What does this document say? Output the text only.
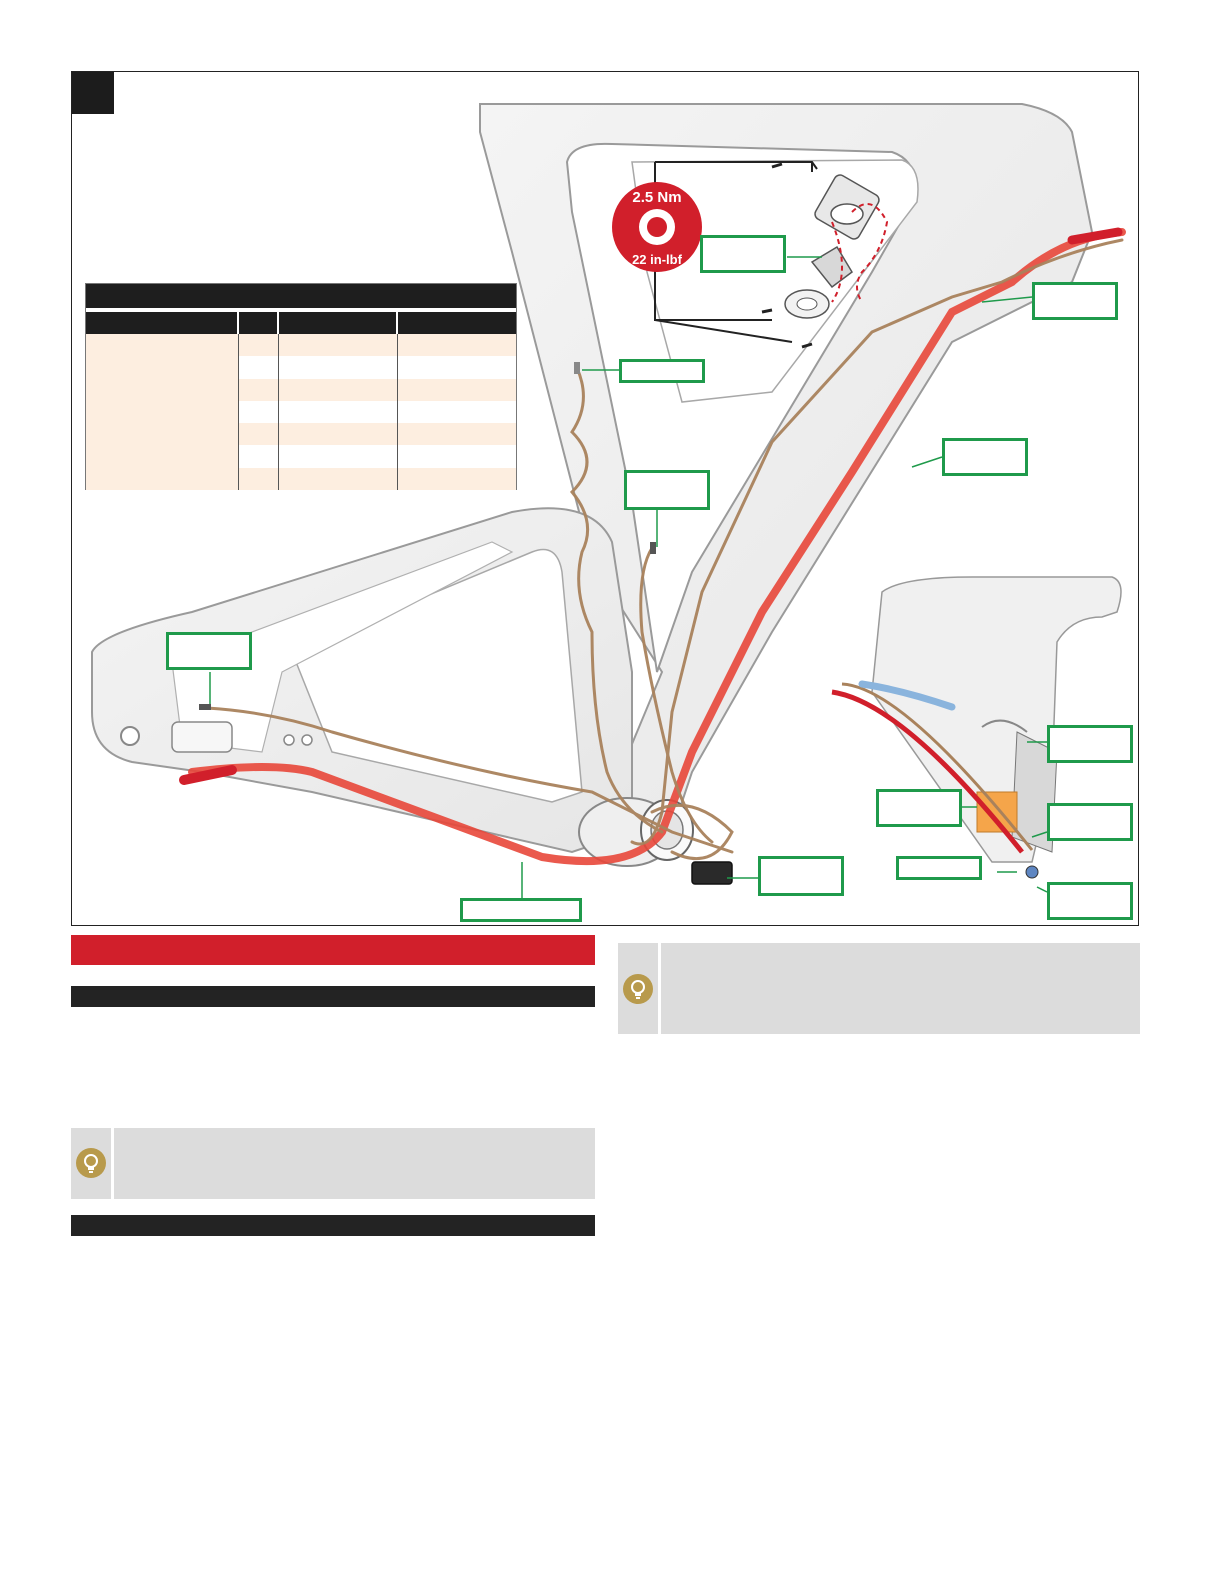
2.5 Nm
22 in-lbf
